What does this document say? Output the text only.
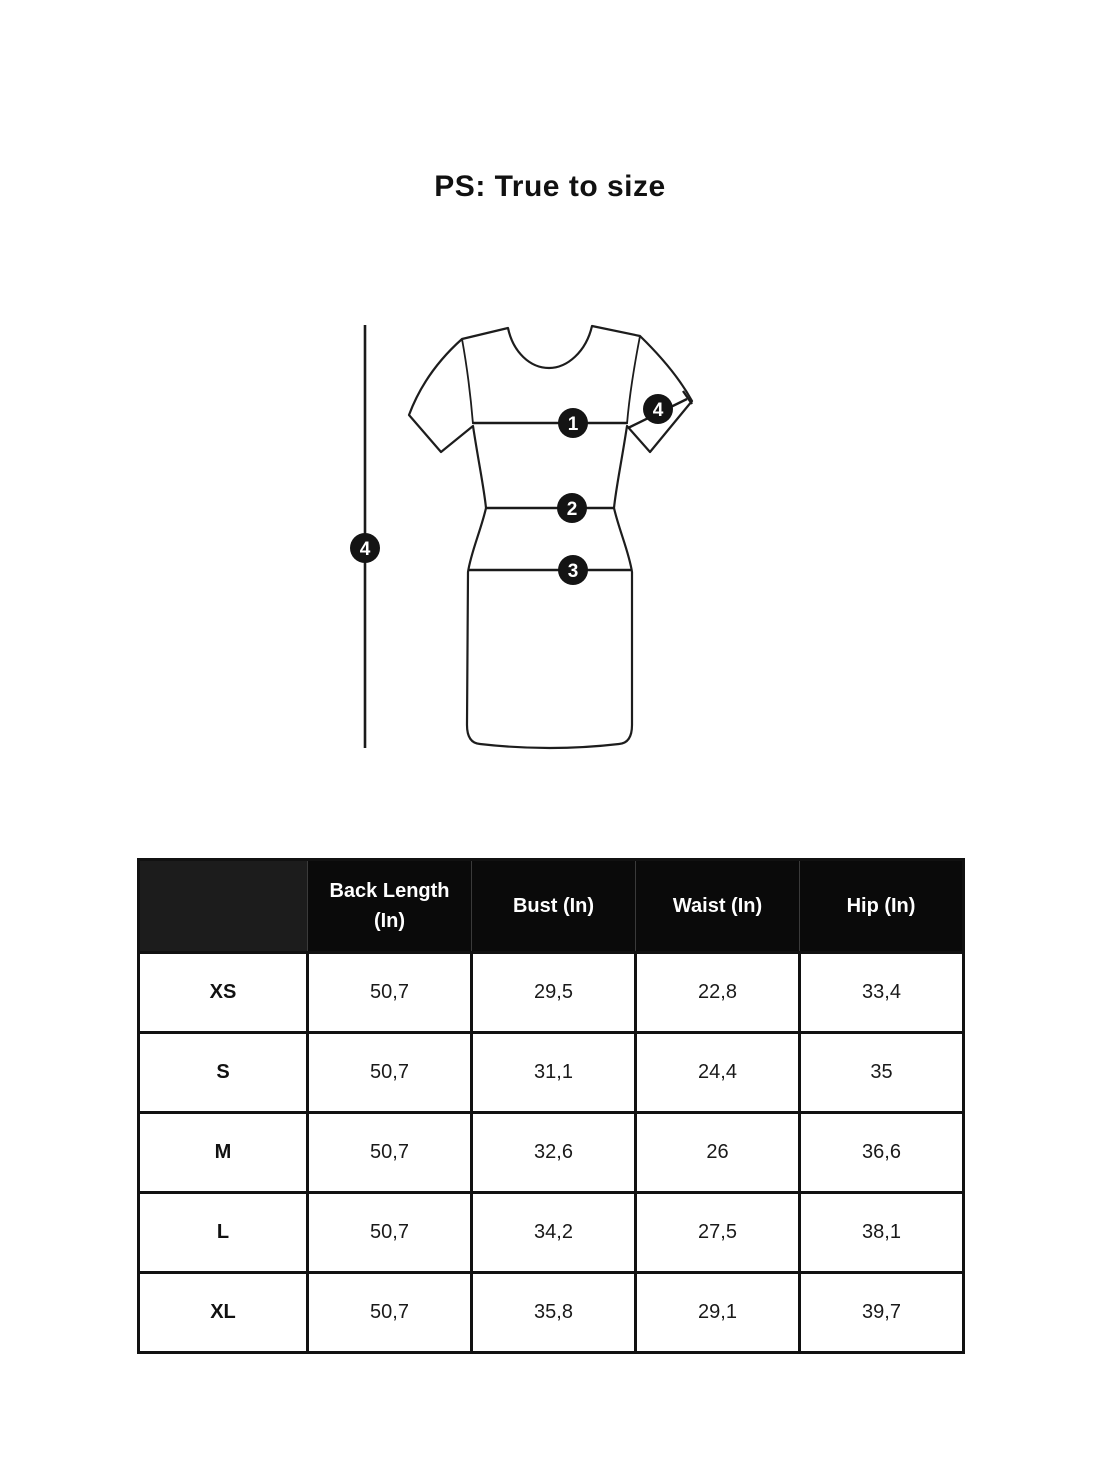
PS: True to size
1
2
3
4
4
	Back Length (In)	Bust (In)	Waist (In)	Hip (In)
XS	50,7	29,5	22,8	33,4
S	50,7	31,1	24,4	35
M	50,7	32,6	26	36,6
L	50,7	34,2	27,5	38,1
XL	50,7	35,8	29,1	39,7
